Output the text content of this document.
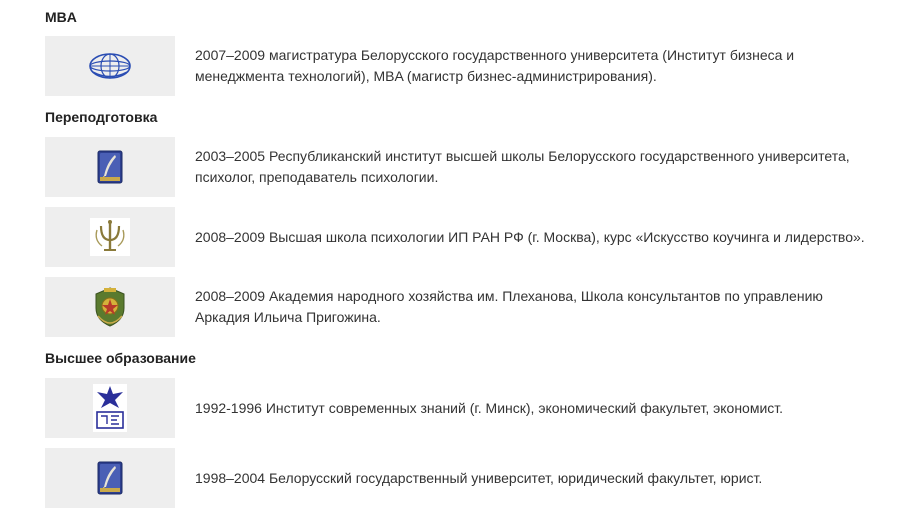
MBA
2007–2009 магистратура Белорусского государственного университета (Институт бизнеса и менеджмента технологий), MBA (магистр бизнес-администрирования).
Переподготовка
2003–2005 Республиканский институт высшей школы Белорусского государственного университета, психолог, преподаватель психологии.
2008–2009 Высшая школа психологии ИП РАН РФ (г. Москва), курс «Искусство коучинга и лидерство».
2008–2009 Академия народного хозяйства им. Плеханова, Школа консультантов по управлению Аркадия Ильича Пригожина.
Высшее образование
1992-1996 Институт современных знаний (г. Минск), экономический факультет, экономист.
1998–2004 Белорусский государственный университет, юридический факультет, юрист.
